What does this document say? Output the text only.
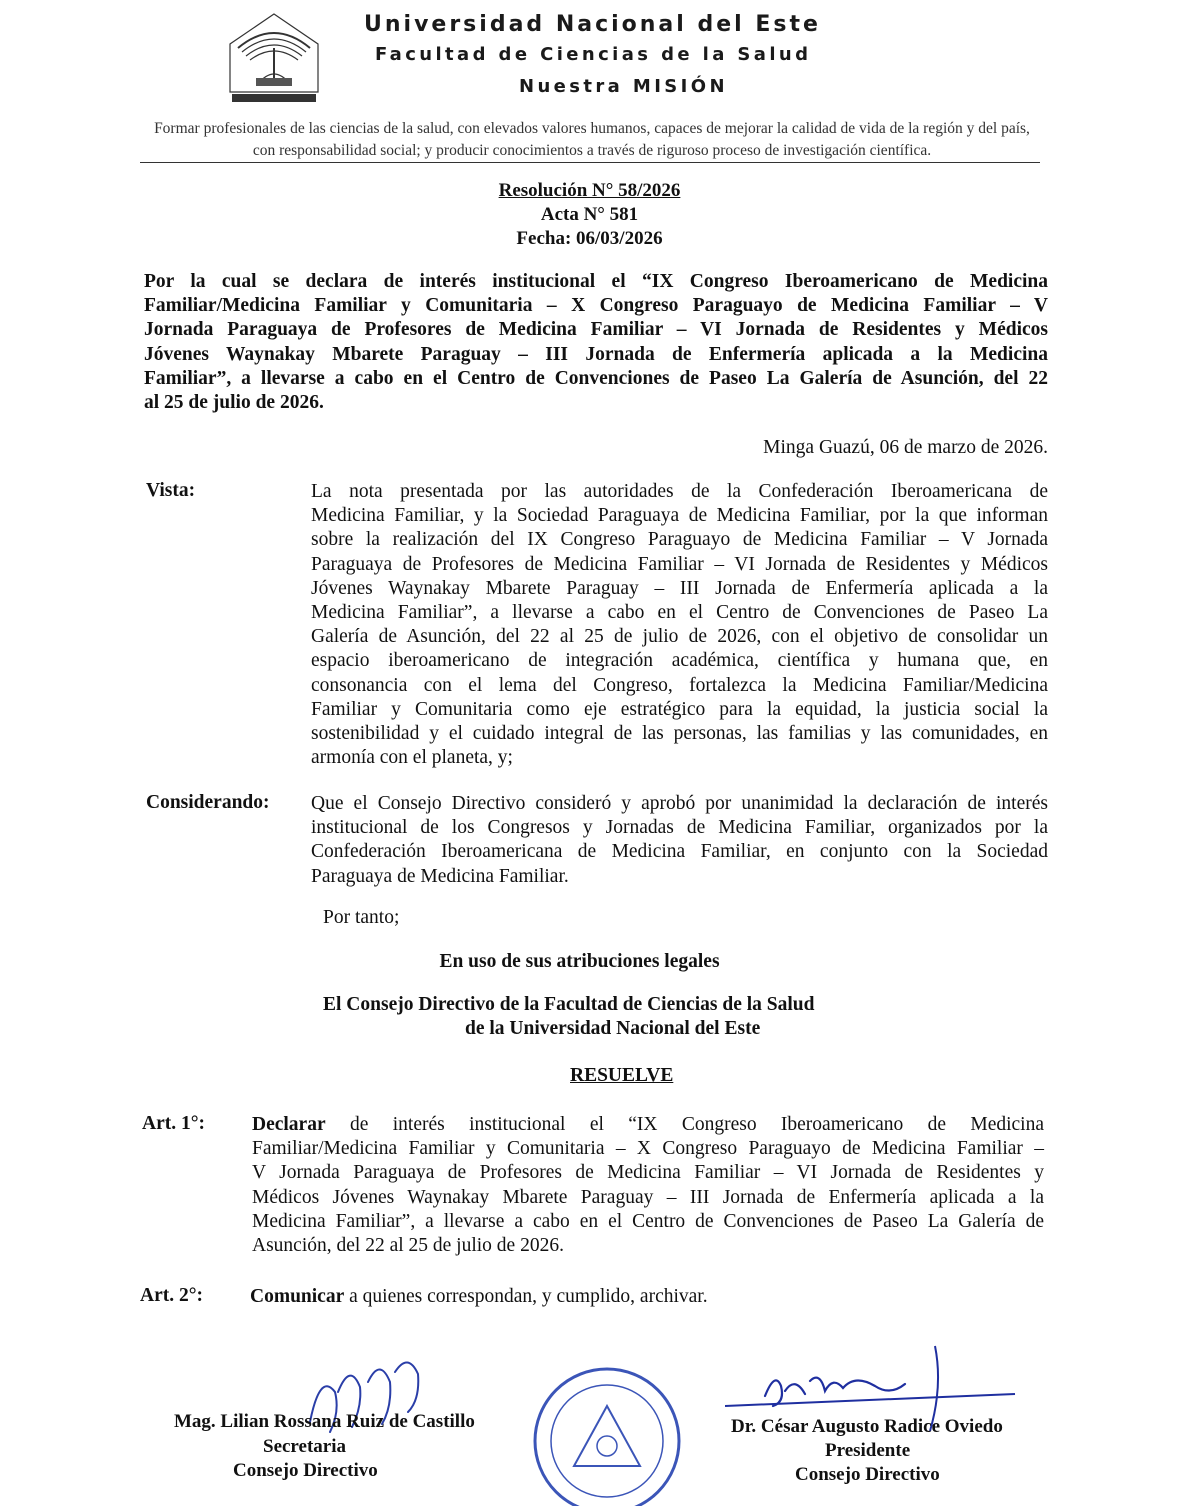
Universidad Nacional del Este
Facultad de Ciencias de la Salud
Nuestra MISIÓN
Formar profesionales de las ciencias de la salud, con elevados valores humanos, capaces de mejorar la calidad de vida de la región y del país, con responsabilidad social; y producir conocimientos a través de riguroso proceso de investigación científica.
Resolución N° 58/2026
Acta N° 581
Fecha: 06/03/2026
Por la cual se declara de interés institucional el “IX Congreso Iberoamericano de Medicina
Familiar/Medicina Familiar y Comunitaria – X Congreso Paraguayo de Medicina Familiar – V
Jornada Paraguaya de Profesores de Medicina Familiar – VI Jornada de Residentes y Médicos
Jóvenes Waynakay Mbarete Paraguay – III Jornada de Enfermería aplicada a la Medicina
Familiar”, a llevarse a cabo en el Centro de Convenciones de Paseo La Galería de Asunción, del 22
al 25 de julio de 2026.
Minga Guazú, 06 de marzo de 2026.
Vista:	La nota presentada por las autoridades de la Confederación Iberoamericana de
Medicina Familiar, y la Sociedad Paraguaya de Medicina Familiar, por la que informan
sobre la realización del IX Congreso Paraguayo de Medicina Familiar – V Jornada
Paraguaya de Profesores de Medicina Familiar – VI Jornada de Residentes y Médicos
Jóvenes Waynakay Mbarete Paraguay – III Jornada de Enfermería aplicada a la
Medicina Familiar”, a llevarse a cabo en el Centro de Convenciones de Paseo La
Galería de Asunción, del 22 al 25 de julio de 2026, con el objetivo de consolidar un
espacio iberoamericano de integración académica, científica y humana que, en
consonancia con el lema del Congreso, fortalezca la Medicina Familiar/Medicina
Familiar y Comunitaria como eje estratégico para la equidad, la justicia social la
sostenibilidad y el cuidado integral de las personas, las familias y las comunidades, en
armonía con el planeta, y;
Considerando: Que el Consejo Directivo consideró y aprobó por unanimidad la declaración de interés
institucional de los Congresos y Jornadas de Medicina Familiar, organizados por la
Confederación Iberoamericana de Medicina Familiar, en conjunto con la Sociedad
Paraguaya de Medicina Familiar.
Por tanto;
En uso de sus atribuciones legales
El Consejo Directivo de la Facultad de Ciencias de la Salud
de la Universidad Nacional del Este
RESUELVE
Art. 1°: Declarar de interés institucional el “IX Congreso Iberoamericano de Medicina
Familiar/Medicina Familiar y Comunitaria – X Congreso Paraguayo de Medicina Familiar –
V Jornada Paraguaya de Profesores de Medicina Familiar – VI Jornada de Residentes y
Médicos Jóvenes Waynakay Mbarete Paraguay – III Jornada de Enfermería aplicada a la
Medicina Familiar”, a llevarse a cabo en el Centro de Convenciones de Paseo La Galería de
Asunción, del 22 al 25 de julio de 2026.
Art. 2°: Comunicar a quienes correspondan, y cumplido, archivar.
Mag. Lilian Rossana Ruiz de Castillo
Secretaria
Consejo Directivo
Dr. César Augusto Radice Oviedo
Presidente
Consejo Directivo
